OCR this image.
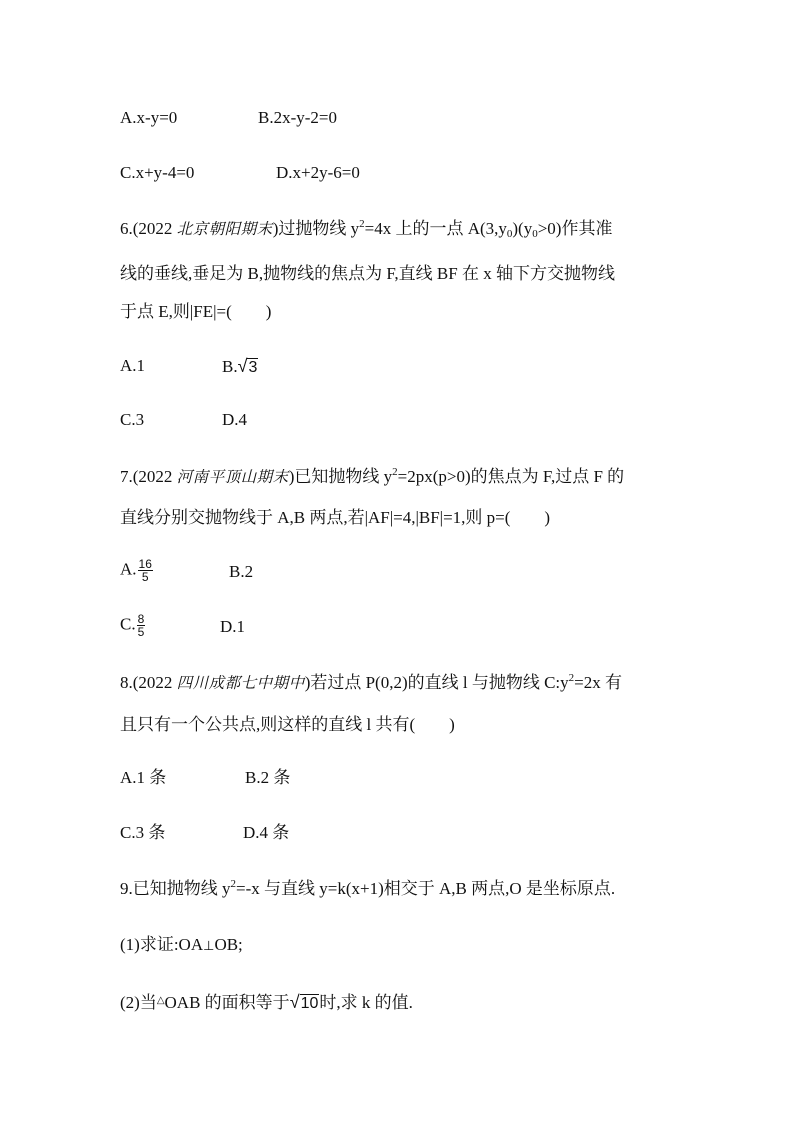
A.x-y=0	B.2x-y-2=0
C.x+y-4=0	D.x+2y-6=0
6.(2022 北京朝阳期末)过抛物线 $y^2=4x$ 上的一点 $A(3,y_0)(y_0>0)$作其准
线的垂线,垂足为 B,抛物线的焦点为 F,直线 BF 在 x 轴下方交抛物线
于点 E,则|FE|=(　　)
A.1	B.√3
C.3	D.4
7.(2022 河南平顶山期末)已知抛物线 $y^2=2px(p>0)$的焦点为 F,过点 F 的
直线分别交抛物线于 A,B 两点,若|AF|=4,|BF|=1,则 p=(　　)
A. $\frac{16}{5}$	B.2
C. $\frac{8}{5}$	D.1
8.(2022 四川成都七中期中)若过点 P(0,2)的直线 l 与抛物线 $C:y^2=2x$ 有
且只有一个公共点,则这样的直线 l 共有(　　)
A.1 条	B.2 条
C.3 条	D.4 条
9.已知抛物线 $y^2=-x$ 与直线 y=k(x+1)相交于 A,B 两点,O 是坐标原点.
(1)求证:OA⊥OB;
(2)当△OAB 的面积等于√10时,求 k 的值.
